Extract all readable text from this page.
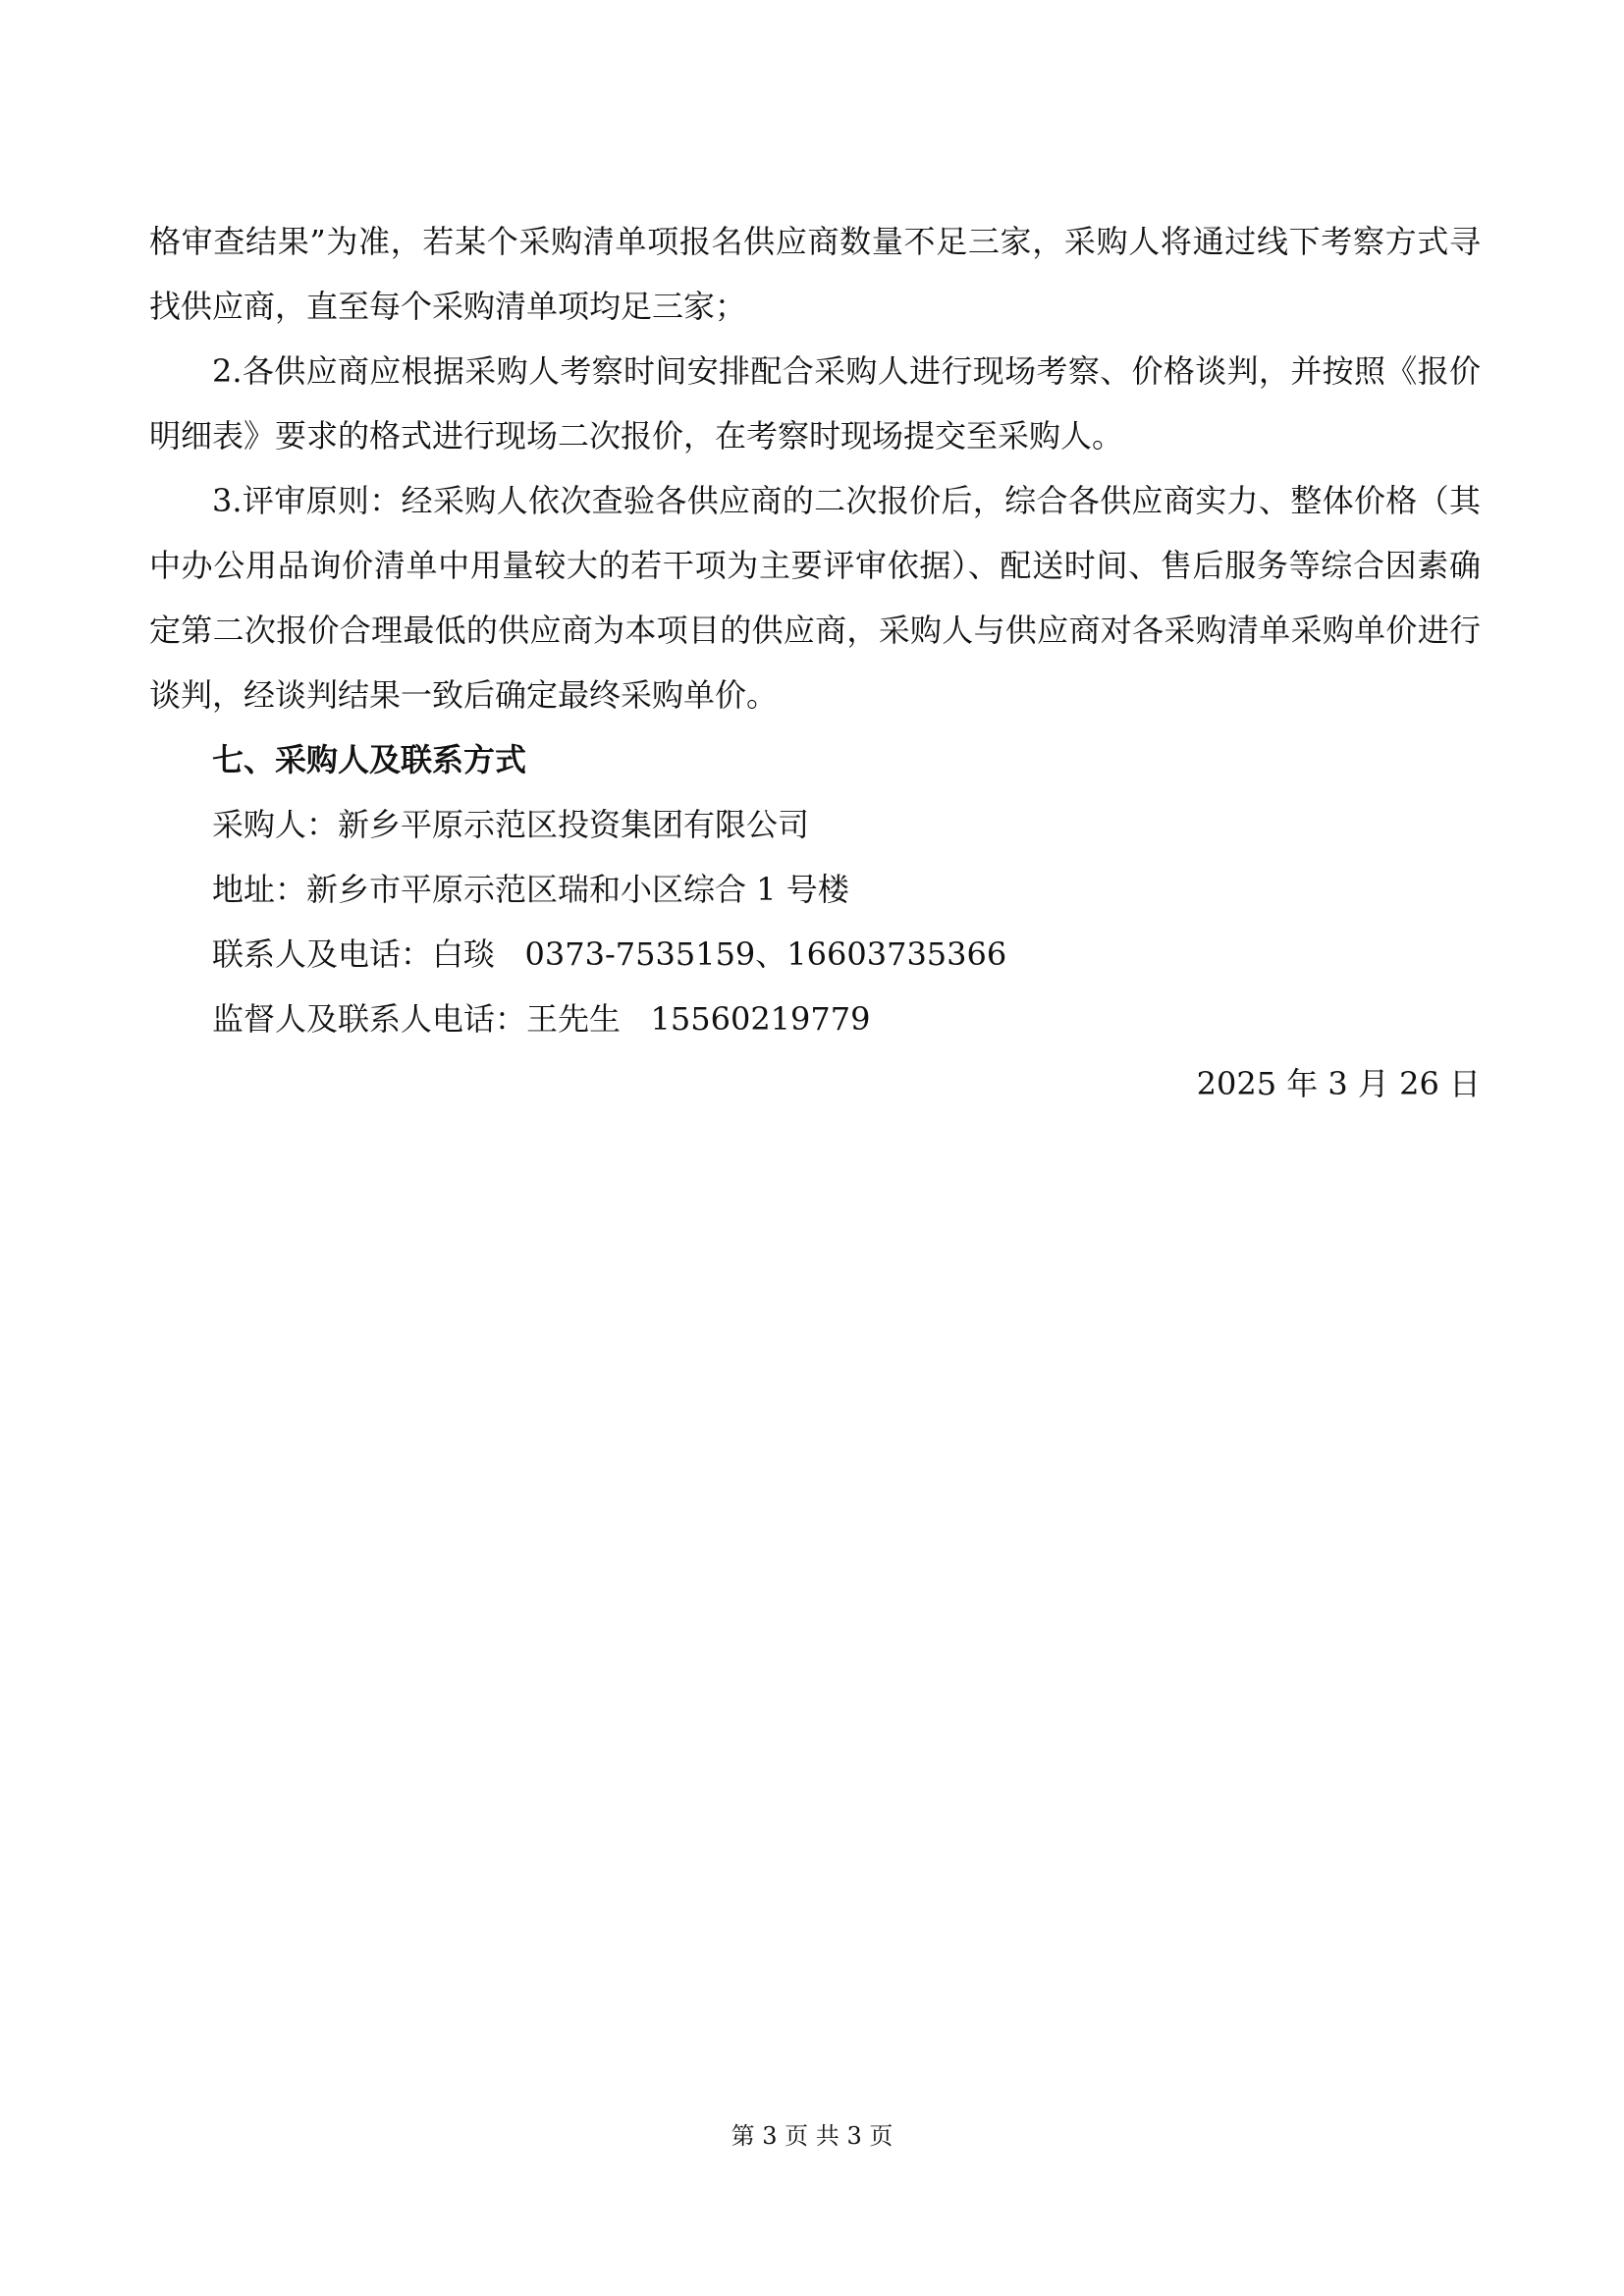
格审查结果”为准，若某个采购清单项报名供应商数量不足三家，采购人将通过线下考察方式寻找供应商，直至每个采购清单项均足三家；

2.各供应商应根据采购人考察时间安排配合采购人进行现场考察、价格谈判，并按照《报价明细表》要求的格式进行现场二次报价，在考察时现场提交至采购人。

3.评审原则：经采购人依次查验各供应商的二次报价后，综合各供应商实力、整体价格（其中办公用品询价清单中用量较大的若干项为主要评审依据）、配送时间、售后服务等综合因素确定第二次报价合理最低的供应商为本项目的供应商，采购人与供应商对各采购清单采购单价进行谈判，经谈判结果一致后确定最终采购单价。

七、采购人及联系方式

采购人：新乡平原示范区投资集团有限公司

地址：新乡市平原示范区瑞和小区综合 1 号楼

联系人及电话：白琰   0373-7535159、16603735366

监督人及联系人电话：王先生   15560219779

2025 年 3 月 26 日

第 3 页 共 3 页
